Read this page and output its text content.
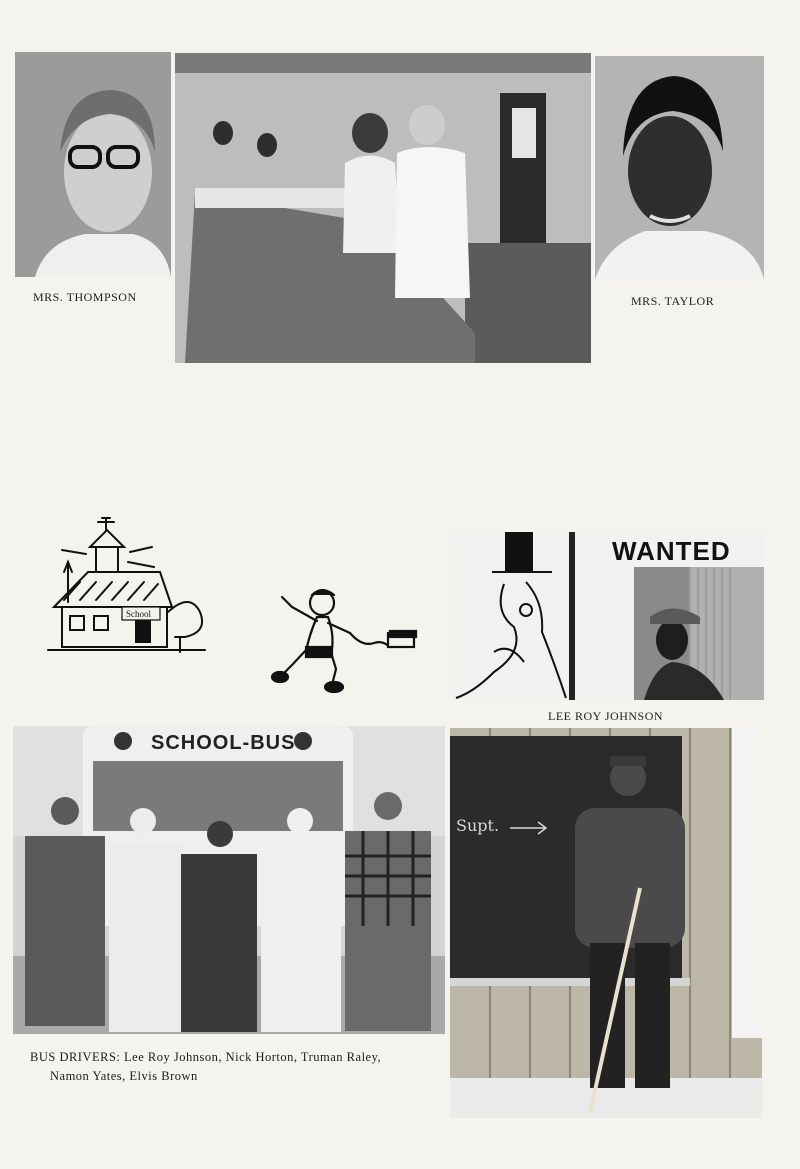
MRS. THOMPSON	MRS. TAYLOR
School
WANTED
LEE ROY JOHNSON
SCHOOL-BUS
BUS DRIVERS: Lee Roy Johnson, Nick Horton, Truman Raley,
Namon Yates, Elvis Brown
Supt.
